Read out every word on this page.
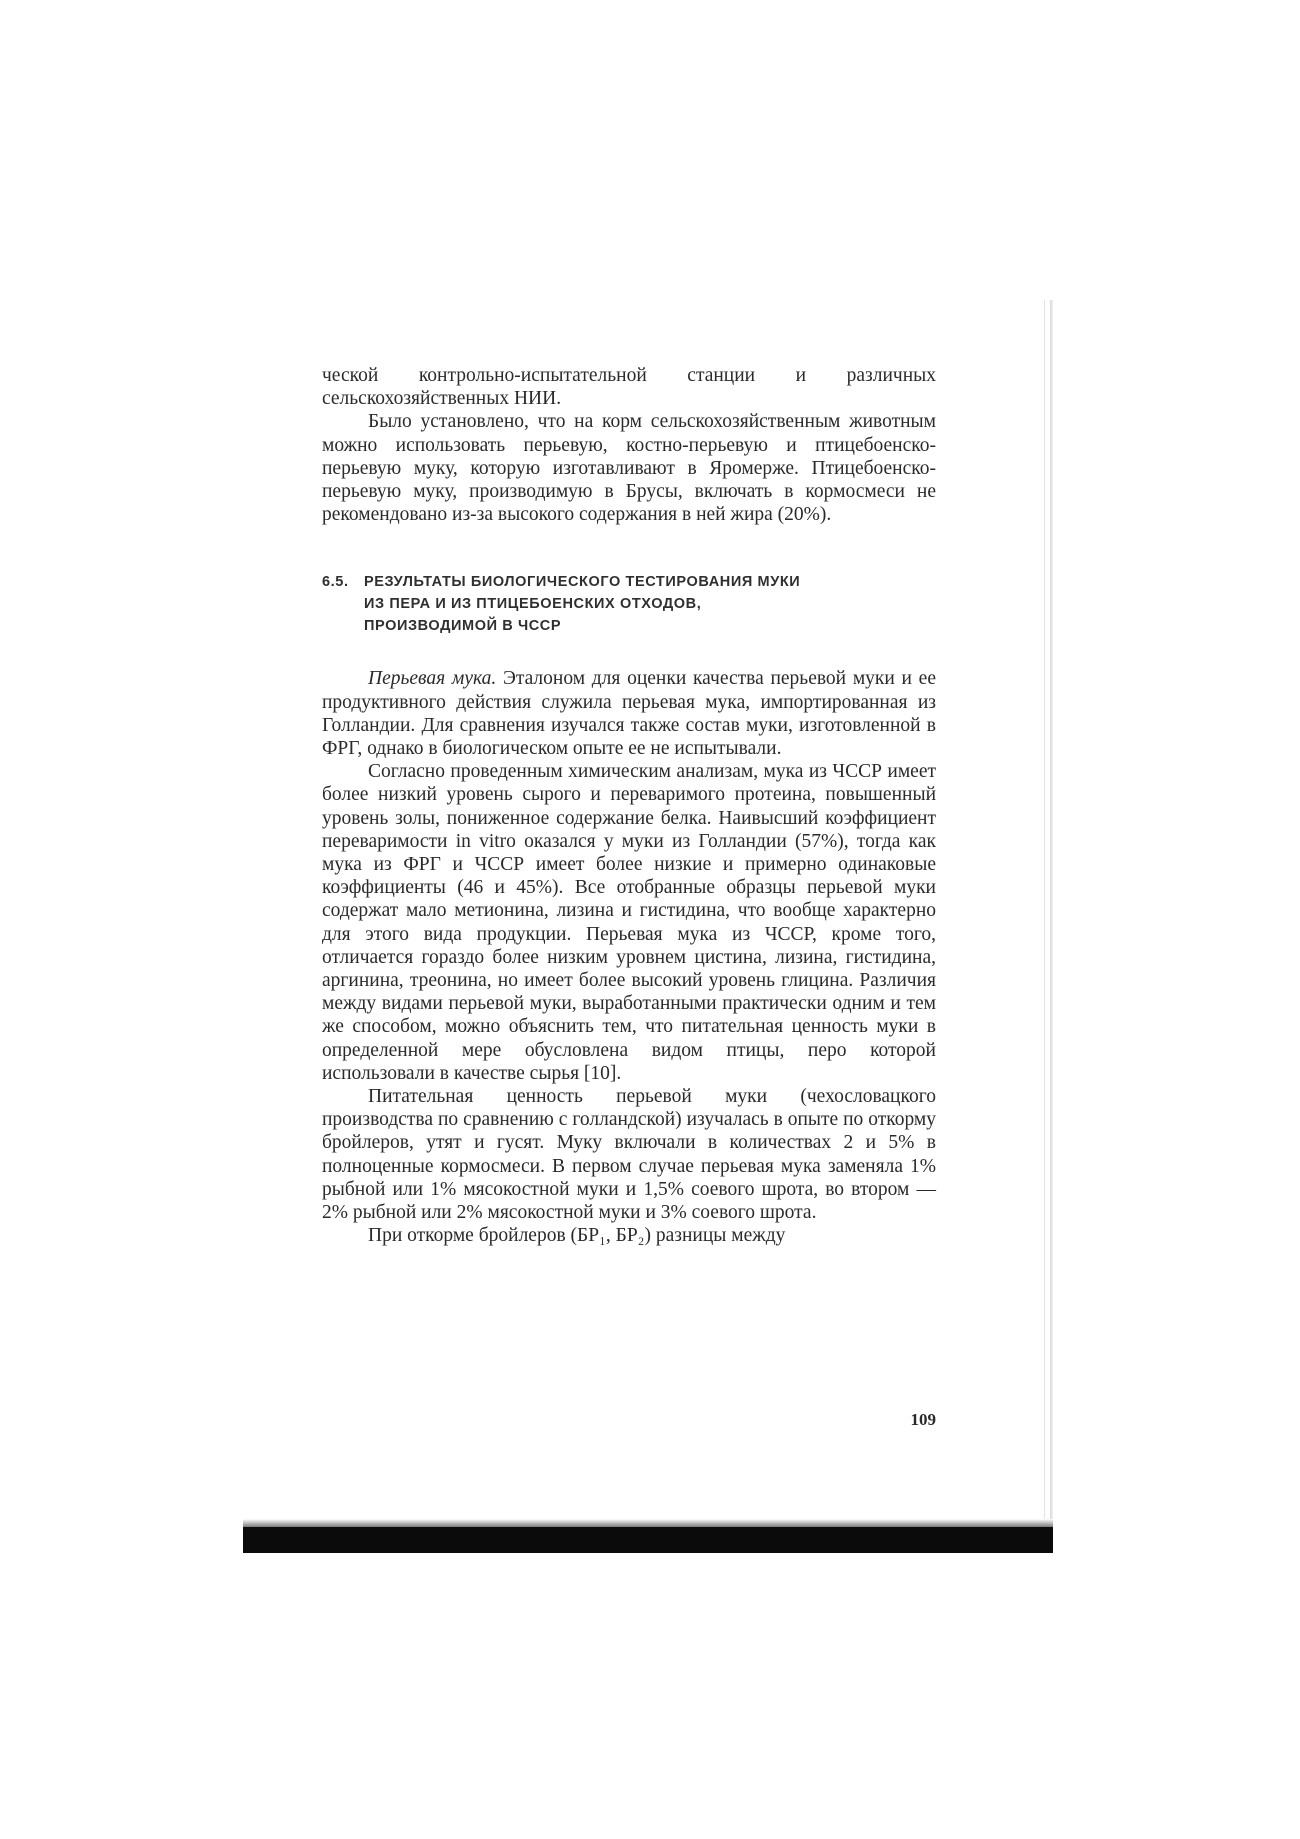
ческой контрольно-испытательной станции и различных сельскохозяйственных НИИ.

Было установлено, что на корм сельскохозяйственным животным можно использовать перьевую, костно-перьевую и птицебоенско-перьевую муку, которую изготавливают в Яромерже. Птицебоенско-перьевую муку, производимую в Брусы, включать в кормосмеси не рекомендовано из-за высокого содержания в ней жира (20%).

6.5. РЕЗУЛЬТАТЫ БИОЛОГИЧЕСКОГО ТЕСТИРОВАНИЯ МУКИ
ИЗ ПЕРА И ИЗ ПТИЦЕБОЕНСКИХ ОТХОДОВ,
ПРОИЗВОДИМОЙ В ЧССР

Перьевая мука. Эталоном для оценки качества перьевой муки и ее продуктивного действия служила перьевая мука, импортированная из Голландии. Для сравнения изучался также состав муки, изготовленной в ФРГ, однако в биологическом опыте ее не испытывали.

Согласно проведенным химическим анализам, мука из ЧССР имеет более низкий уровень сырого и переваримого протеина, повышенный уровень золы, пониженное содержание белка. Наивысший коэффициент переваримости in vitro оказался у муки из Голландии (57%), тогда как мука из ФРГ и ЧССР имеет более низкие и примерно одинаковые коэффициенты (46 и 45%). Все отобранные образцы перьевой муки содержат мало метионина, лизина и гистидина, что вообще характерно для этого вида продукции. Перьевая мука из ЧССР, кроме того, отличается гораздо более низким уровнем цистина, лизина, гистидина, аргинина, треонина, но имеет более высокий уровень глицина. Различия между видами перьевой муки, выработанными практически одним и тем же способом, можно объяснить тем, что питательная ценность муки в определенной мере обусловлена видом птицы, перо которой использовали в качестве сырья [10].

Питательная ценность перьевой муки (чехословацкого производства по сравнению с голландской) изучалась в опыте по откорму бройлеров, утят и гусят. Муку включали в количествах 2 и 5% в полноценные кормосмеси. В первом случае перьевая мука заменяла 1% рыбной или 1% мясокостной муки и 1,5% соевого шрота, во втором — 2% рыбной или 2% мясокостной муки и 3% соевого шрота.

При откорме бройлеров (БР₁, БР₂) разницы между

109
